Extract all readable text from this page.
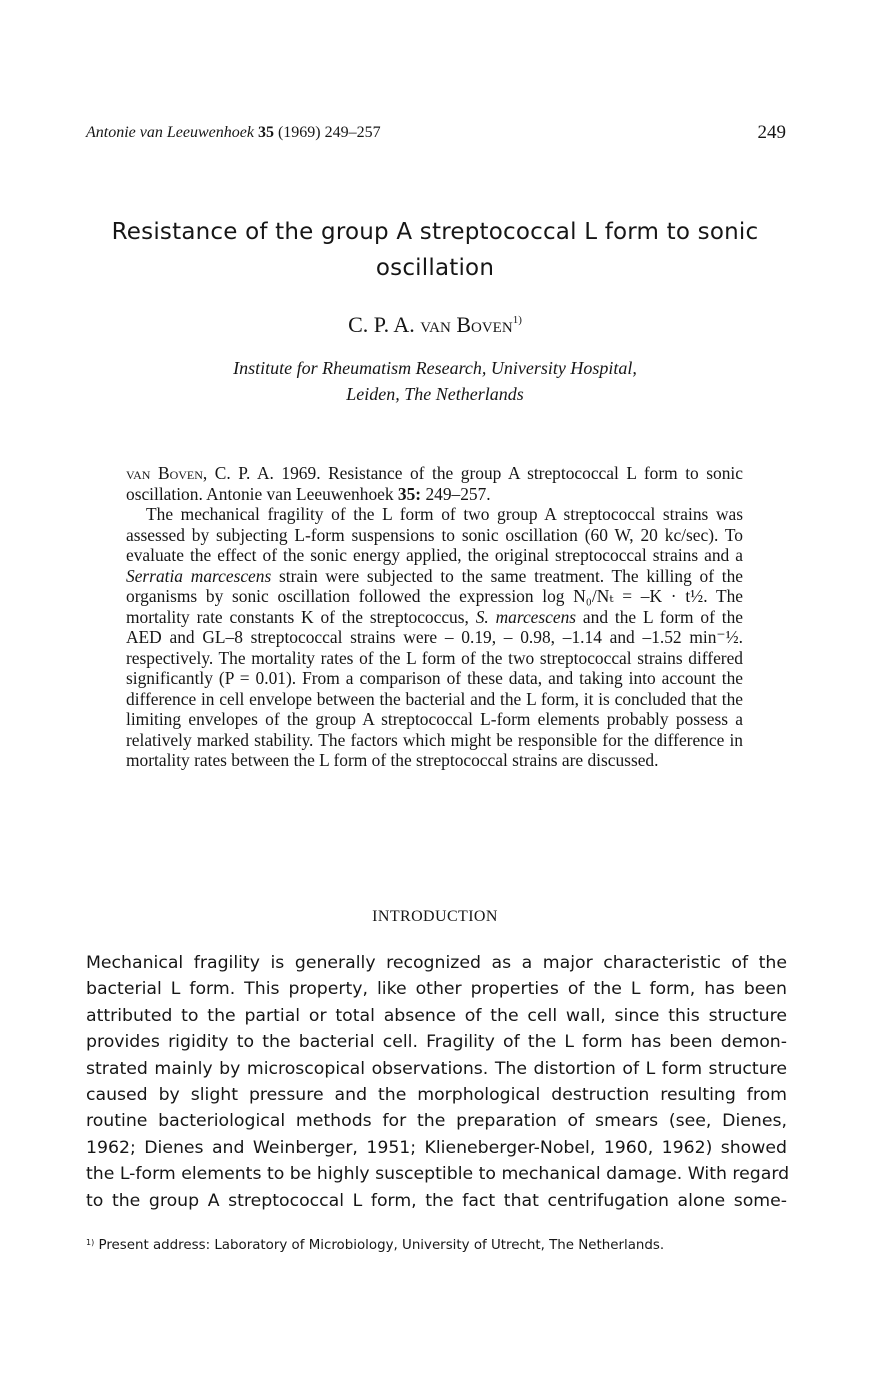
Antonie van Leeuwenhoek 35 (1969) 249–257	249
Resistance of the group A streptococcal L form to sonic oscillation
C. P. A. van Boven$^{1)}$
Institute for Rheumatism Research, University Hospital,
Leiden, The Netherlands

van Boven, C. P. A. 1969. Resistance of the group A streptococcal L form to sonic oscillation. Antonie van Leeuwenhoek 35: 249–257.

The mechanical fragility of the L form of two group A streptococcal strains was assessed by subjecting L-form suspensions to sonic oscillation (60 W, 20 kc/sec). To evaluate the effect of the sonic energy applied, the original streptococcal strains and a Serratia marcescens strain were subjected to the same treatment. The killing of the organisms by sonic oscillation followed the expression log N₀/Nₜ = –K · t½. The mortality rate constants K of the streptococcus, S. marcescens and the L form of the AED and GL–8 streptococcal strains were – 0.19, – 0.98, –1.14 and –1.52 min⁻½. respectively. The mortality rates of the L form of the two streptococcal strains differed significantly (P = 0.01). From a comparison of these data, and taking into account the difference in cell envelope between the bacterial and the L form, it is concluded that the limiting envelopes of the group A streptococcal L-form elements probably possess a relatively marked stability. The factors which might be responsible for the difference in mortality rates between the L form of the streptococcal strains are discussed.

INTRODUCTION
Mechanical fragility is generally recognized as a major characteristic of the
bacterial L form. This property, like other properties of the L form, has been
attributed to the partial or total absence of the cell wall, since this structure
provides rigidity to the bacterial cell. Fragility of the L form has been demon-
strated mainly by microscopical observations. The distortion of L form structure
caused by slight pressure and the morphological destruction resulting from
routine bacteriological methods for the preparation of smears (see, Dienes,
1962; Dienes and Weinberger, 1951; Klieneberger-Nobel, 1960, 1962) showed
the L-form elements to be highly susceptible to mechanical damage. With regard
to the group A streptococcal L form, the fact that centrifugation alone some-
$^{1)}$ Present address: Laboratory of Microbiology, University of Utrecht, The Netherlands.
